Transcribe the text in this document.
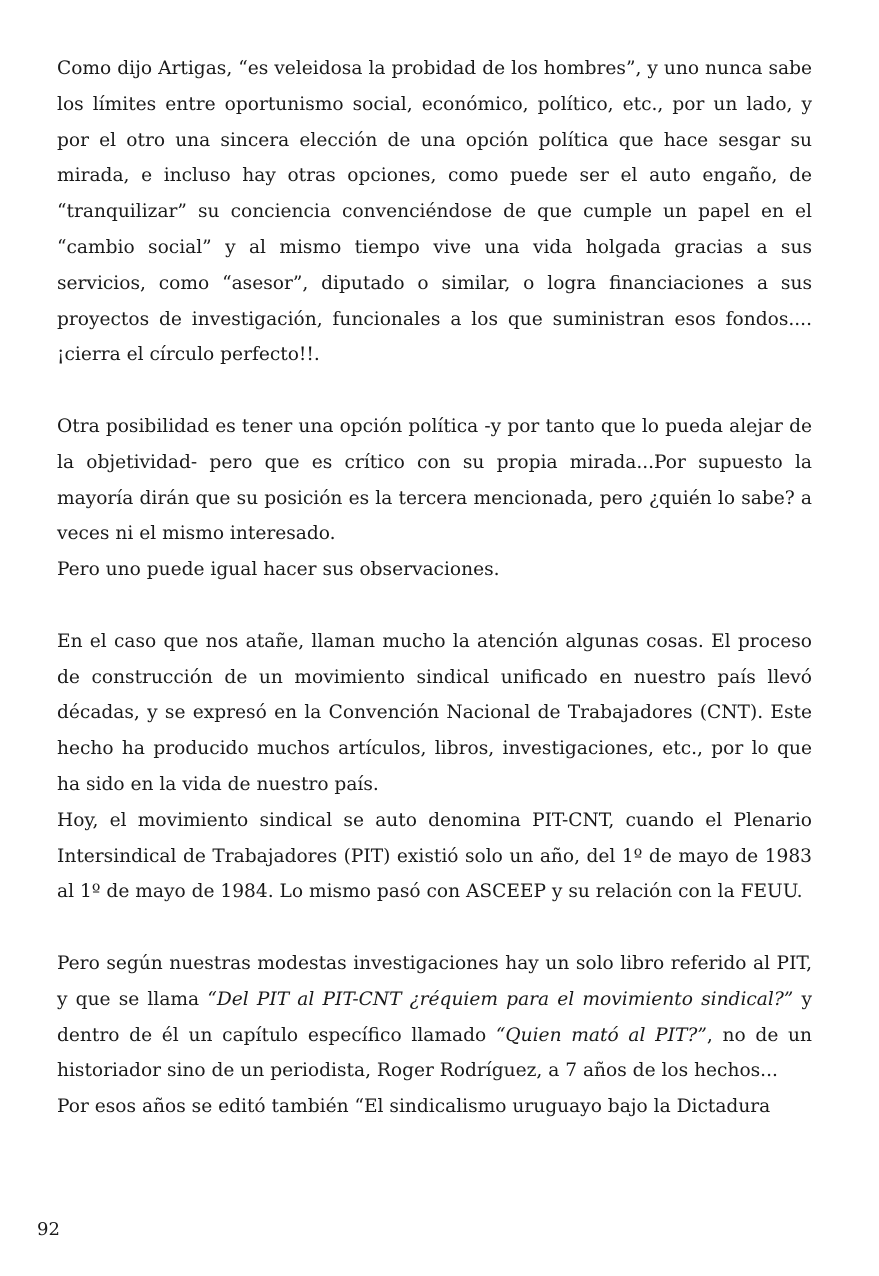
Como dijo Artigas, “es veleidosa la probidad de los hombres”, y uno nunca sabe los límites entre oportunismo social, económico, político, etc., por un lado, y por el otro una sincera elección de una opción política que hace sesgar su mirada, e incluso hay otras opciones, como puede ser el auto engaño, de “tranquilizar” su conciencia convenciéndose de que cumple un papel en el “cambio social” y al mismo tiempo vive una vida holgada gracias a sus servicios, como “asesor”, diputado o similar, o logra financiaciones a sus proyectos de investigación, funcionales a los que suministran esos fondos....¡cierra el círculo perfecto!!.

Otra posibilidad es tener una opción política -y por tanto que lo pueda alejar de la objetividad- pero que es crítico con su propia mirada...Por supuesto la mayoría dirán que su posición es la tercera mencionada, pero ¿quién lo sabe? a veces ni el mismo interesado.

Pero uno puede igual hacer sus observaciones.

En el caso que nos atañe, llaman mucho la atención algunas cosas. El proceso de construcción de un movimiento sindical unificado en nuestro país llevó décadas, y se expresó en la Convención Nacional de Trabajadores (CNT). Este hecho ha producido muchos artículos, libros, investigaciones, etc., por lo que ha sido en la vida de nuestro país.

Hoy, el movimiento sindical se auto denomina PIT-CNT, cuando el Plenario Intersindical de Trabajadores (PIT) existió solo un año, del 1º de mayo de 1983 al 1º de mayo de 1984. Lo mismo pasó con ASCEEP y su relación con la FEUU.

Pero según nuestras modestas investigaciones hay un solo libro referido al PIT, y que se llama “Del PIT al PIT-CNT ¿réquiem para el movimiento sindical?” y dentro de él un capítulo específico llamado “Quien mató al PIT?”, no de un historiador sino de un periodista, Roger Rodríguez, a 7 años de los hechos...

Por esos años se editó también “El sindicalismo uruguayo bajo la Dictadura

92
